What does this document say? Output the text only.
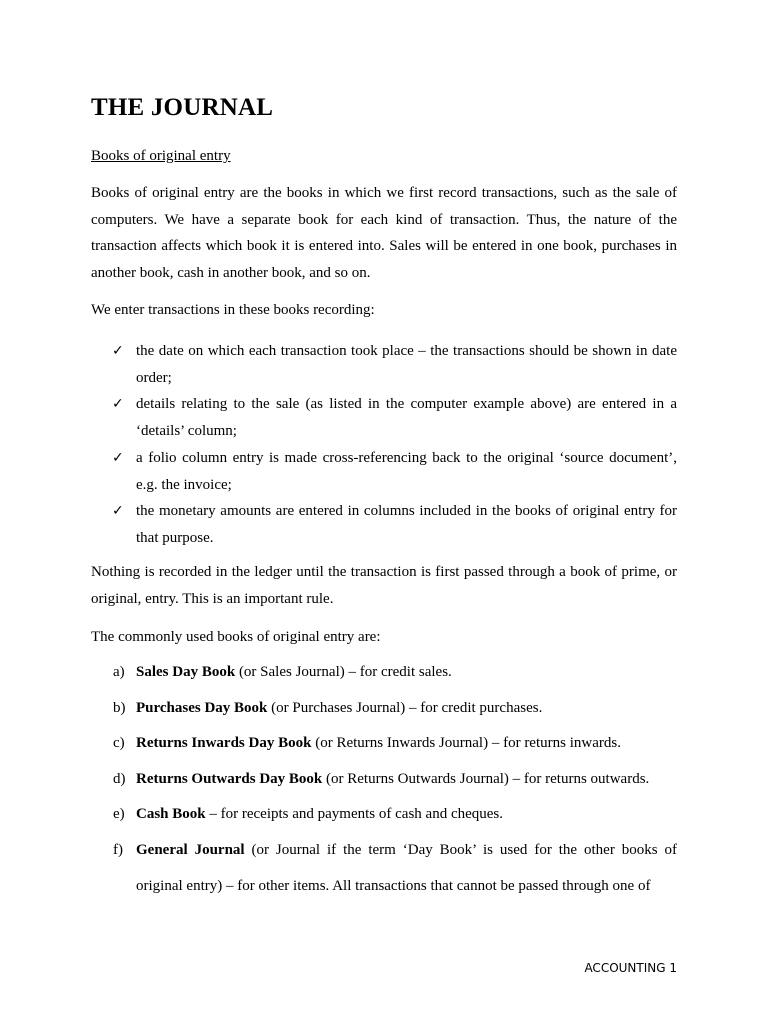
THE JOURNAL

Books of original entry

Books of original entry are the books in which we first record transactions, such as the sale of computers. We have a separate book for each kind of transaction. Thus, the nature of the transaction affects which book it is entered into. Sales will be entered in one book, purchases in another book, cash in another book, and so on.

We enter transactions in these books recording:

✓ the date on which each transaction took place – the transactions should be shown in date order;
✓ details relating to the sale (as listed in the computer example above) are entered in a ‘details’ column;
✓ a folio column entry is made cross-referencing back to the original ‘source document’, e.g. the invoice;
✓ the monetary amounts are entered in columns included in the books of original entry for that purpose.

Nothing is recorded in the ledger until the transaction is first passed through a book of prime, or original, entry. This is an important rule.

The commonly used books of original entry are:

a) Sales Day Book (or Sales Journal) – for credit sales.
b) Purchases Day Book (or Purchases Journal) – for credit purchases.
c) Returns Inwards Day Book (or Returns Inwards Journal) – for returns inwards.
d) Returns Outwards Day Book (or Returns Outwards Journal) – for returns outwards.
e) Cash Book – for receipts and payments of cash and cheques.
f) General Journal (or Journal if the term ‘Day Book’ is used for the other books of original entry) – for other items. All transactions that cannot be passed through one of
ACCOUNTING 1
